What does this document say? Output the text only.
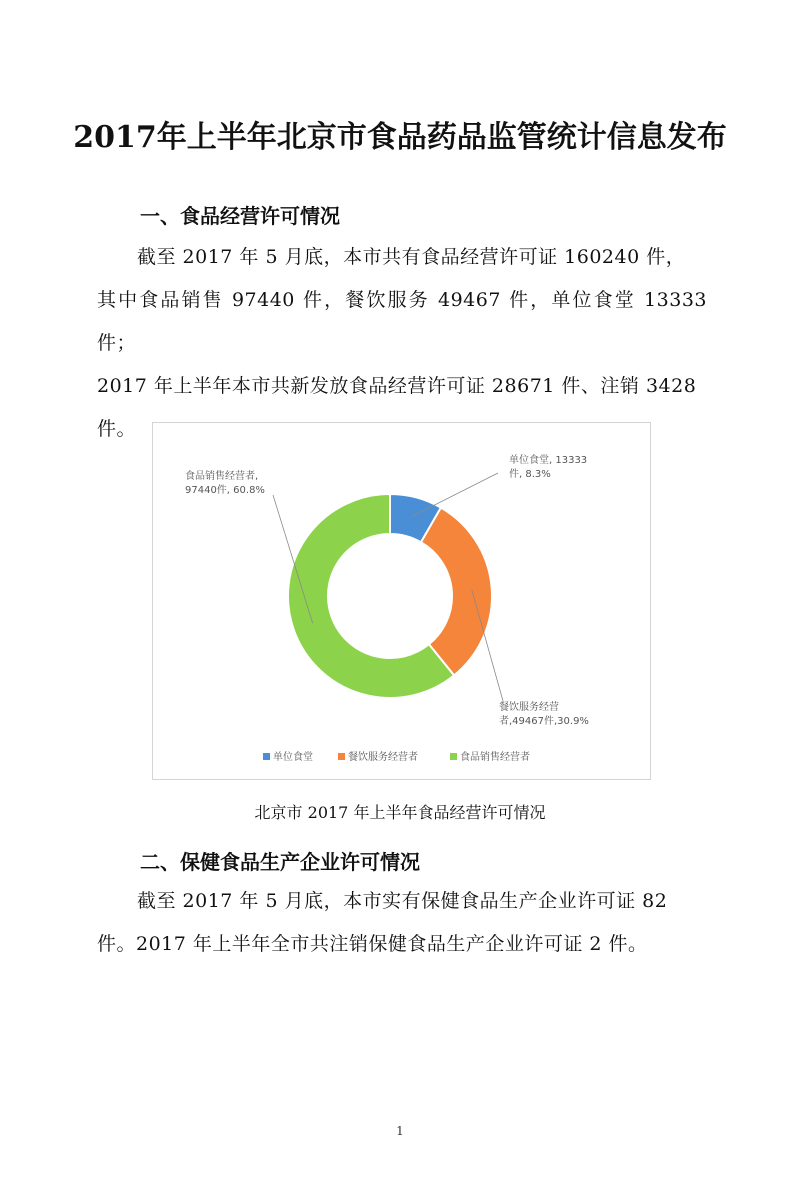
2017年上半年北京市食品药品监管统计信息发布
一、食品经营许可情况

截至 2017 年 5 月底，本市共有食品经营许可证 160240 件，

其中食品销售 97440 件，餐饮服务 49467 件，单位食堂 13333 件；

2017 年上半年本市共新发放食品经营许可证 28671 件、注销 3428

件。

单位食堂, 13333
件, 8.3%
餐饮服务经营
者,49467件,30.9%
食品销售经营者,
97440件, 60.8%
单位食堂	餐饮服务经营者	食品销售经营者
北京市 2017 年上半年食品经营许可情况
二、保健食品生产企业许可情况

截至 2017 年 5 月底，本市实有保健食品生产企业许可证 82

件。2017 年上半年全市共注销保健食品生产企业许可证 2 件。

1
